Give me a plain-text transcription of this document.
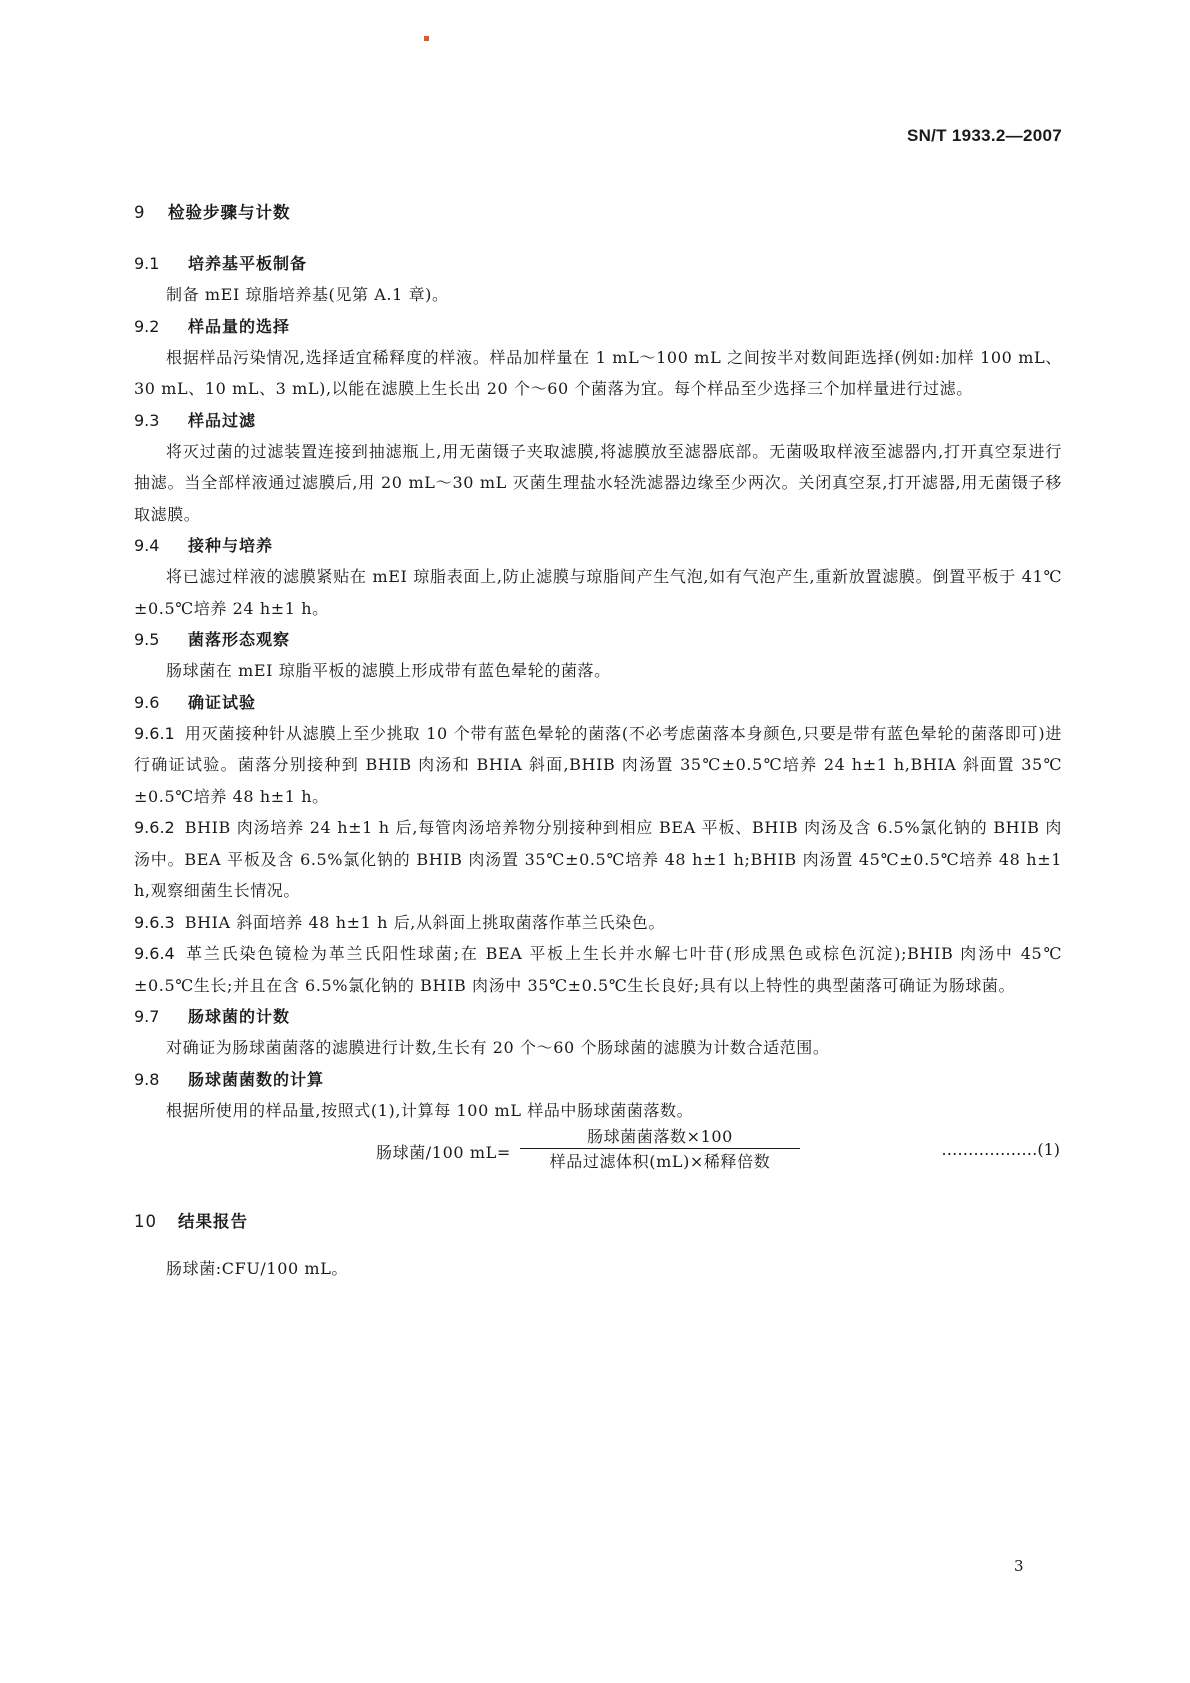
SN/T 1933.2—2007
9 检验步骤与计数
9.1 培养基平板制备
制备 mEI 琼脂培养基(见第 A.1 章)。
9.2 样品量的选择
根据样品污染情况,选择适宜稀释度的样液。样品加样量在 1 mL～100 mL 之间按半对数间距选择(例如:加样 100 mL、30 mL、10 mL、3 mL),以能在滤膜上生长出 20 个～60 个菌落为宜。每个样品至少选择三个加样量进行过滤。
9.3 样品过滤
将灭过菌的过滤装置连接到抽滤瓶上,用无菌镊子夹取滤膜,将滤膜放至滤器底部。无菌吸取样液至滤器内,打开真空泵进行抽滤。当全部样液通过滤膜后,用 20 mL～30 mL 灭菌生理盐水轻洗滤器边缘至少两次。关闭真空泵,打开滤器,用无菌镊子移取滤膜。
9.4 接种与培养
将已滤过样液的滤膜紧贴在 mEI 琼脂表面上,防止滤膜与琼脂间产生气泡,如有气泡产生,重新放置滤膜。倒置平板于 41℃±0.5℃培养 24 h±1 h。
9.5 菌落形态观察
肠球菌在 mEI 琼脂平板的滤膜上形成带有蓝色晕轮的菌落。
9.6 确证试验
9.6.1 用灭菌接种针从滤膜上至少挑取 10 个带有蓝色晕轮的菌落(不必考虑菌落本身颜色,只要是带有蓝色晕轮的菌落即可)进行确证试验。菌落分别接种到 BHIB 肉汤和 BHIA 斜面,BHIB 肉汤置 35℃±0.5℃培养 24 h±1 h,BHIA 斜面置 35℃±0.5℃培养 48 h±1 h。
9.6.2 BHIB 肉汤培养 24 h±1 h 后,每管肉汤培养物分别接种到相应 BEA 平板、BHIB 肉汤及含 6.5%氯化钠的 BHIB 肉汤中。BEA 平板及含 6.5%氯化钠的 BHIB 肉汤置 35℃±0.5℃培养 48 h±1 h;BHIB 肉汤置 45℃±0.5℃培养 48 h±1 h,观察细菌生长情况。
9.6.3 BHIA 斜面培养 48 h±1 h 后,从斜面上挑取菌落作革兰氏染色。
9.6.4 革兰氏染色镜检为革兰氏阳性球菌;在 BEA 平板上生长并水解七叶苷(形成黑色或棕色沉淀);BHIB 肉汤中 45℃±0.5℃生长;并且在含 6.5%氯化钠的 BHIB 肉汤中 35℃±0.5℃生长良好;具有以上特性的典型菌落可确证为肠球菌。
9.7 肠球菌的计数
对确证为肠球菌菌落的滤膜进行计数,生长有 20 个～60 个肠球菌的滤膜为计数合适范围。
9.8 肠球菌菌数的计算
根据所使用的样品量,按照式(1),计算每 100 mL 样品中肠球菌菌落数。
肠球菌/100 mL=
肠球菌菌落数×100
样品过滤体积(mL)×稀释倍数
………………(1)
10 结果报告
肠球菌:CFU/100 mL。
3
